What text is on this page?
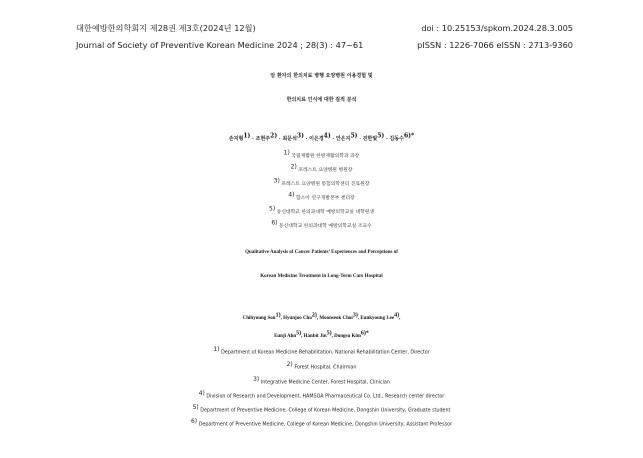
대한예방한의학회지 제28권 제3호(2024년 12월)	doi : 10.25153/spkom.2024.28.3.005
Journal of Society of Preventive Korean Medicine 2024 ; 28(3) : 47~61	pISSN : 1226-7066 eISSN : 2713-9360
암 환자의 한의치료 병행 요양병원 이용경험 및
한의치료 인식에 대한 질적 분석
손지형$^{1)}$ · 조현주$^{2)}$ · 최문석$^{3)}$ · 이은경$^{4)}$ · 안은지$^{5)}$ · 진한빛$^{5)}$ · 김동수$^{6)*}$
$^{1)}$ 국립재활원 한방재활의학과 과장
$^{2)}$ 포레스트 요양병원 병원장
$^{3)}$ 포레스트 요양병원 통합의학센터 진료원장
$^{4)}$ 함소아 연구개발본부 센터장
$^{5)}$ 동신대학교 한의과대학 예방의학교실 대학원생
$^{6)}$ 동신대학교 한의과대학 예방의학교실 조교수
Qualitative Analysis of Cancer Patients’ Experiences and Perceptions of
Korean Medicine Treatment in Long-Term Care Hospital
Chihyoung Son$^{1)}$, Hyunjoo Cho$^{2)}$, Moonseok Choi$^{3)}$, Eunkyoung Lee$^{4)}$,
Eunji Ahn$^{5)}$, Hanbit Jin$^{5)}$, Dongsu Kim$^{6)*}$
$^{1)}$ Department of Korean Medicine Rehabilitation, National Rehabilitation Center, Director
$^{2)}$ Forest Hospital, Chairman
$^{3)}$ Integrative Medicine Center, Forest Hospital, Clinician
$^{4)}$ Division of Research and Development, HAMSOA Pharmaceutical Co. Ltd., Research center director
$^{5)}$ Department of Preventive Medicine, College of Korean Medicine, Dongshin University, Graduate student
$^{6)}$ Department of Preventive Medicine, College of Korean Medicine, Dongshin University, Assistant Professor
